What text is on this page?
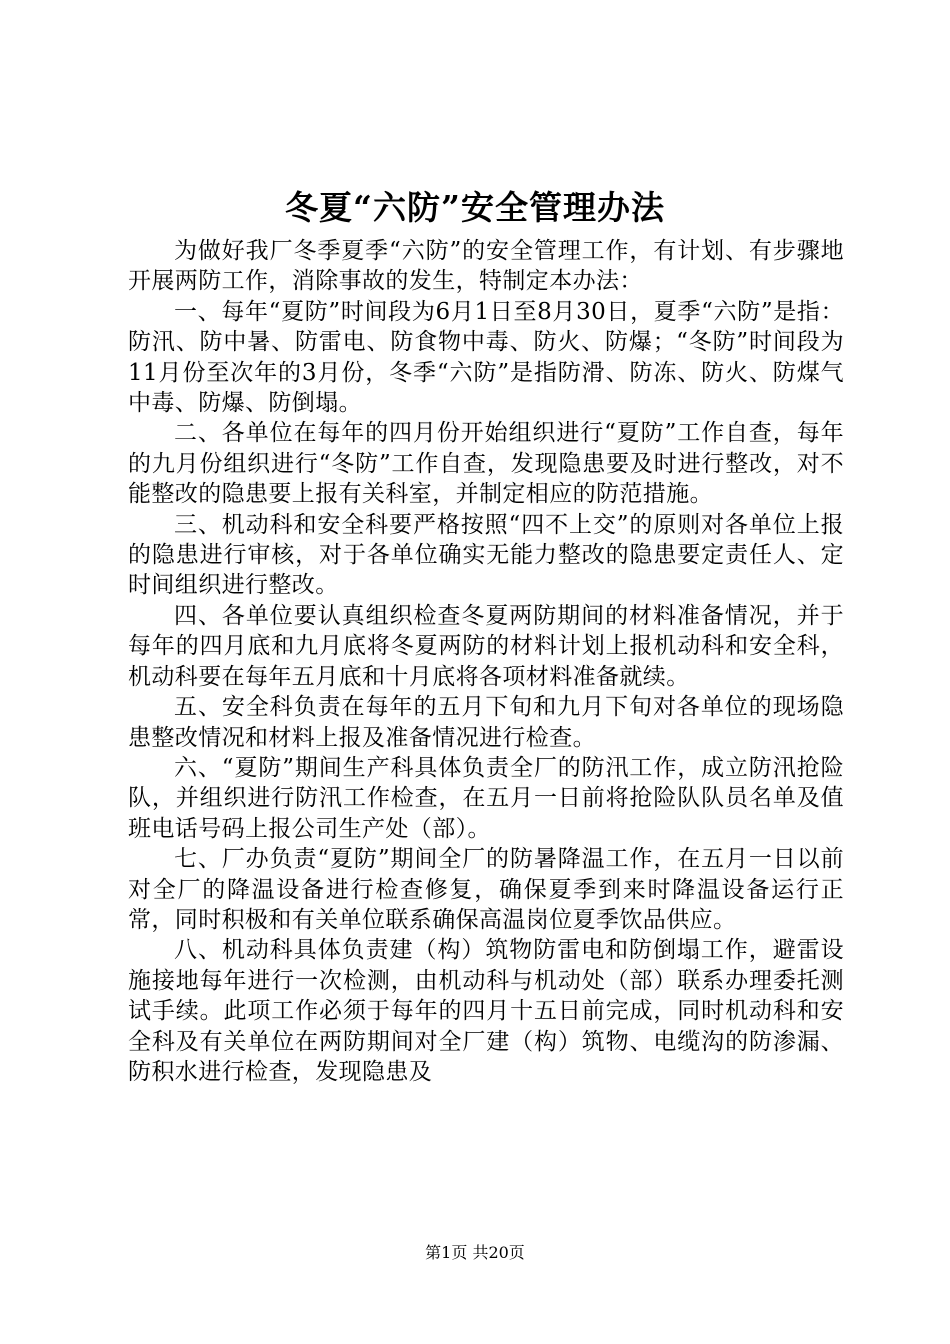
冬夏“六防”安全管理办法

为做好我厂冬季夏季“六防”的安全管理工作，有计划、有步骤地开展两防工作，消除事故的发生，特制定本办法：

一、每年“夏防”时间段为6月1日至8月30日，夏季“六防”是指：防汛、防中暑、防雷电、防食物中毒、防火、防爆；“冬防”时间段为11月份至次年的3月份，冬季“六防”是指防滑、防冻、防火、防煤气中毒、防爆、防倒塌。

二、各单位在每年的四月份开始组织进行“夏防”工作自查，每年的九月份组织进行“冬防”工作自查，发现隐患要及时进行整改，对不能整改的隐患要上报有关科室，并制定相应的防范措施。

三、机动科和安全科要严格按照“四不上交”的原则对各单位上报的隐患进行审核，对于各单位确实无能力整改的隐患要定责任人、定时间组织进行整改。

四、各单位要认真组织检查冬夏两防期间的材料准备情况，并于每年的四月底和九月底将冬夏两防的材料计划上报机动科和安全科，机动科要在每年五月底和十月底将各项材料准备就续。

五、安全科负责在每年的五月下旬和九月下旬对各单位的现场隐患整改情况和材料上报及准备情况进行检查。

六、“夏防”期间生产科具体负责全厂的防汛工作，成立防汛抢险队，并组织进行防汛工作检查，在五月一日前将抢险队队员名单及值班电话号码上报公司生产处（部）。

七、厂办负责“夏防”期间全厂的防暑降温工作，在五月一日以前对全厂的降温设备进行检查修复，确保夏季到来时降温设备运行正常，同时积极和有关单位联系确保高温岗位夏季饮品供应。

八、机动科具体负责建（构）筑物防雷电和防倒塌工作，避雷设施接地每年进行一次检测，由机动科与机动处（部）联系办理委托测试手续。此项工作必须于每年的四月十五日前完成，同时机动科和安全科及有关单位在两防期间对全厂建（构）筑物、电缆沟的防渗漏、防积水进行检查，发现隐患及

第1页 共20页
